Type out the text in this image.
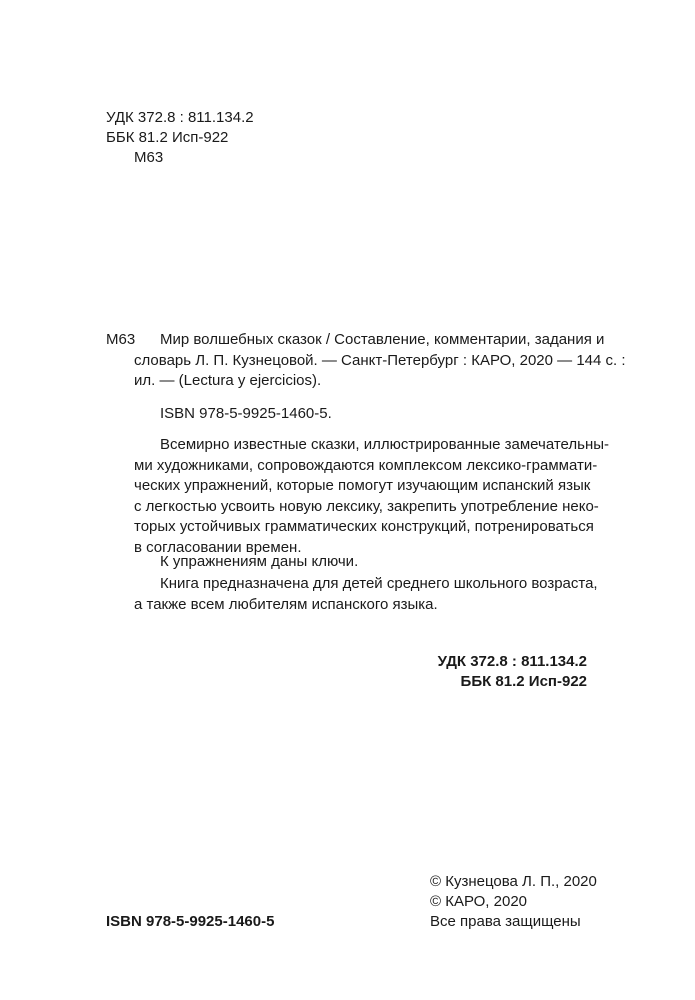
УДК 372.8 : 811.134.2
ББК 81.2 Исп-922
М63
М63 Мир волшебных сказок / Составление, комментарии, задания и
словарь Л. П. Кузнецовой. — Санкт-Петербург : КАРО, 2020 — 144 с. :
ил. — (Lectura y ejercicios).
ISBN 978-5-9925-1460-5.
Всемирно известные сказки, иллюстрированные замечательны-
ми художниками, сопровождаются комплексом лексико-граммати-
ческих упражнений, которые помогут изучающим испанский язык
с легкостью усвоить новую лексику, закрепить употребление неко-
торых устойчивых грамматических конструкций, потренироваться
в согласовании времен.
К упражнениям даны ключи.
Книга предназначена для детей среднего школьного возраста,
а также всем любителям испанского языка.
УДК 372.8 : 811.134.2
ББК 81.2 Исп-922
© Кузнецова Л. П., 2020
© КАРО, 2020
Все права защищены
ISBN 978-5-9925-1460-5
